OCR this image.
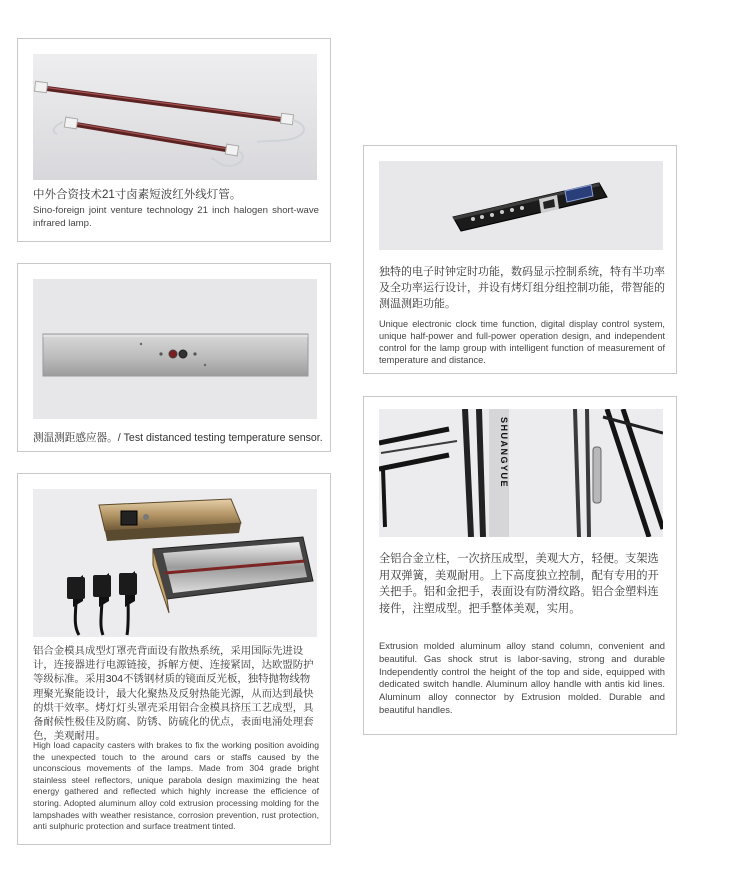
中外合资技术21寸卤素短波红外线灯管。
Sino-foreign joint venture technology 21 inch halogen short-wave infrared lamp.
测温测距感应器。/ Test distanced testing temperature sensor.
铝合金模具成型灯罩壳背面设有散热系统，采用国际先进设计，连接器进行电源链接，拆解方便、连接紧固，达欧盟防护等级标准。采用304不锈钢材质的镜面反光板，独特抛物线物理聚光聚能设计，最大化聚热及反射热能光源，从而达到最快的烘干效率。烤灯灯头罩壳采用铝合金模具挤压工艺成型，具备耐候性极佳及防腐、防锈、防硫化的优点，表面电涌处理套色，美观耐用。
High load capacity casters with brakes to fix the working position avoiding the unexpected touch to the around cars or staffs caused by the unconscious movements of the lamps. Made from 304 grade bright stainless steel reflectors, unique parabola design maximizing the heat energy gathered and reflected which highly increase the efficience of storing. Adopted aluminum alloy cold extrusion processing molding for the lampshades with weather resistance, corrosion prevention, rust protection, anti sulphuric protection and surface treatment tinted.
独特的电子时钟定时功能，数码显示控制系统，特有半功率及全功率运行设计，并设有烤灯组分组控制功能，带智能的测温测距功能。
Unique electronic clock time function, digital display control system, unique half-power and full-power operation design, and independent control for the lamp group with intelligent function of measurement of temperature and distance.
SHUANGYUE
全铝合金立柱，一次挤压成型，美观大方，轻便。支架选用双弹簧，美观耐用。上下高度独立控制，配有专用的开关把手。铝和金把手，表面设有防滑纹路。铝合金塑料连接件，注塑成型。把手整体美观，实用。
Extrusion molded aluminum alloy stand column, convenient and beautiful. Gas shock strut is labor-saving, strong and durable Independently control the height of the top and side, equipped with dedicated switch handle. Aluminum alloy handle with antis kid lines. Aluminum alloy connector by Extrusion molded. Durable and beautiful handles.
